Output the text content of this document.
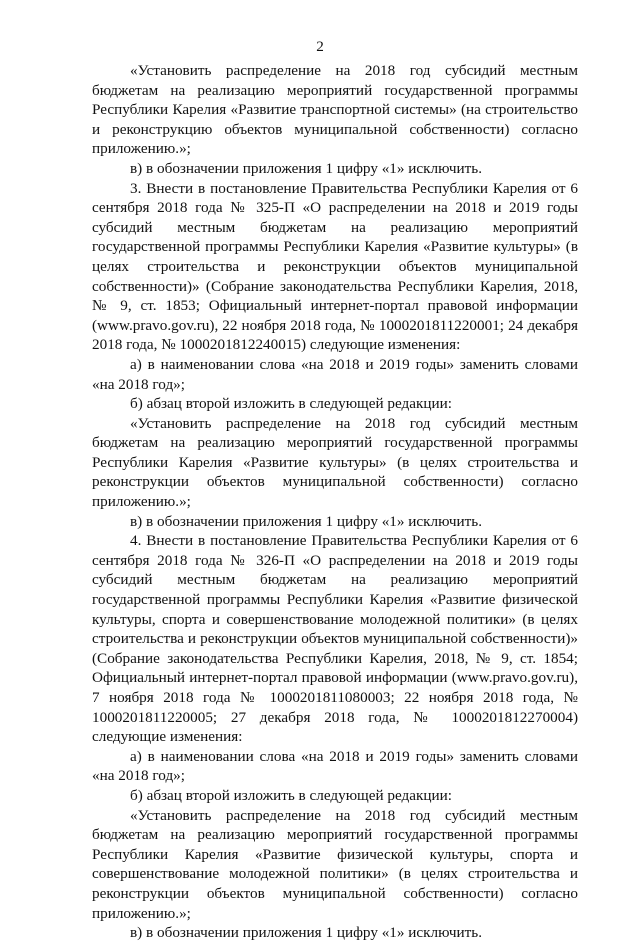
2

«Установить распределение на 2018 год субсидий местным бюджетам на реализацию мероприятий государственной программы Республики Карелия «Развитие транспортной системы» (на строительство и реконструкцию объектов муниципальной собственности) согласно приложению.»;

в) в обозначении приложения 1 цифру «1» исключить.

3. Внести в постановление Правительства Республики Карелия от 6 сентября 2018 года № 325-П «О распределении на 2018 и 2019 годы субсидий местным бюджетам на реализацию мероприятий государственной программы Республики Карелия «Развитие культуры» (в целях строительства и реконструкции объектов муниципальной собственности)» (Собрание законодательства Республики Карелия, 2018, № 9, ст. 1853; Официальный интернет-портал правовой информации (www.pravo.gov.ru), 22 ноября 2018 года, № 1000201811220001; 24 декабря 2018 года, № 1000201812240015) следующие изменения:

а) в наименовании слова «на 2018 и 2019 годы» заменить словами «на 2018 год»;

б) абзац второй изложить в следующей редакции:

«Установить распределение на 2018 год субсидий местным бюджетам на реализацию мероприятий государственной программы Республики Карелия «Развитие культуры» (в целях строительства и реконструкции объектов муниципальной собственности) согласно приложению.»;

в) в обозначении приложения 1 цифру «1» исключить.

4. Внести в постановление Правительства Республики Карелия от 6 сентября 2018 года № 326-П «О распределении на 2018 и 2019 годы субсидий местным бюджетам на реализацию мероприятий государственной программы Республики Карелия «Развитие физической культуры, спорта и совершенствование молодежной политики» (в целях строительства и реконструкции объектов муниципальной собственности)» (Собрание законодательства Республики Карелия, 2018, № 9, ст. 1854; Официальный интернет-портал правовой информации (www.pravo.gov.ru), 7 ноября 2018 года № 1000201811080003; 22 ноября 2018 года, № 1000201811220005; 27 декабря 2018 года, № 1000201812270004) следующие изменения:

а) в наименовании слова «на 2018 и 2019 годы» заменить словами «на 2018 год»;

б) абзац второй изложить в следующей редакции:

«Установить распределение на 2018 год субсидий местным бюджетам на реализацию мероприятий государственной программы Республики Карелия «Развитие физической культуры, спорта и совершенствование молодежной политики» (в целях строительства и реконструкции объектов муниципальной собственности) согласно приложению.»;

в) в обозначении приложения 1 цифру «1» исключить.
